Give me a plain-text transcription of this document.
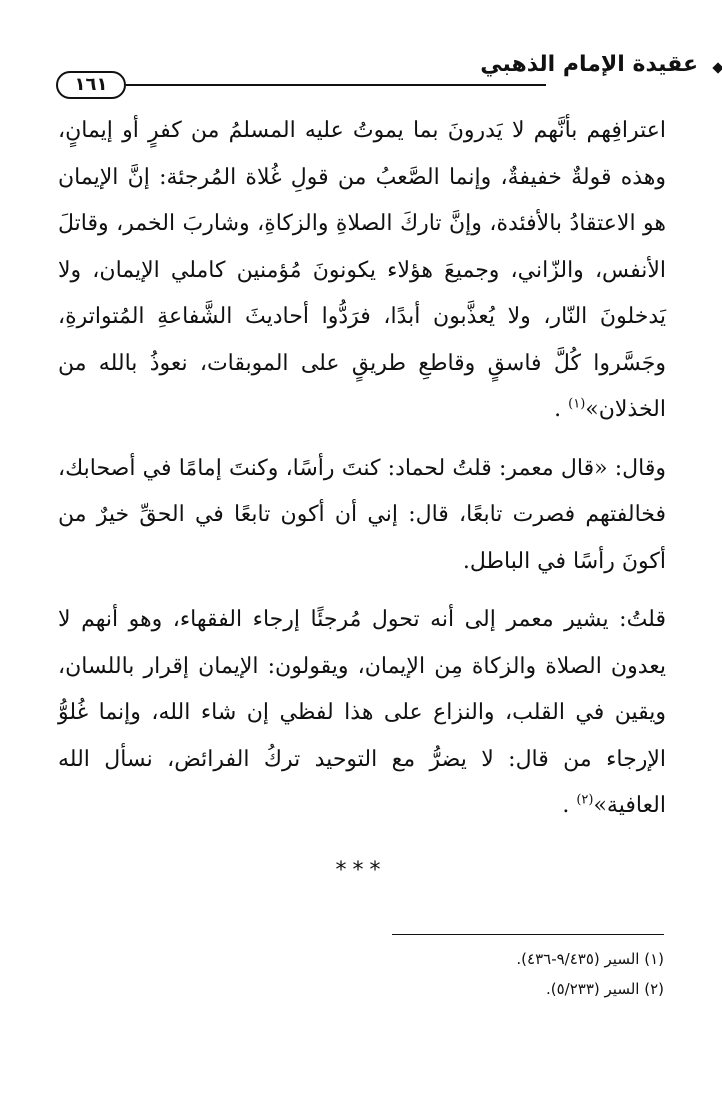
عقيدة الإمام الذهبي
١٦١

اعترافِهم بأنَّهم لا يَدرونَ بما يموتُ عليه المسلمُ من كفرٍ أو إيمانٍ، وهذه قولةٌ خفيفةٌ، وإنما الصَّعبُ من قولِ غُلاة المُرجئة: إنَّ الإيمان هو الاعتقادُ بالأفئدة، وإنَّ تاركَ الصلاةِ والزكاةِ، وشاربَ الخمر، وقاتلَ الأنفس، والزّاني، وجميعَ هؤلاء يكونونَ مُؤمنين كاملي الإيمان، ولا يَدخلونَ النّار، ولا يُعذَّبون أبدًا، فرَدُّوا أحاديثَ الشَّفاعةِ المُتواترةِ، وجَسَّروا كُلَّ فاسقٍ وقاطعِ طريقٍ على الموبقات، نعوذُ بالله من الخذلان»$^{(١)}$ .

وقال: «قال معمر: قلتُ لحماد: كنتَ رأسًا، وكنتَ إمامًا في أصحابك، فخالفتهم فصرت تابعًا، قال: إني أن أكون تابعًا في الحقِّ خيرٌ من أكونَ رأسًا في الباطل.

قلتُ: يشير معمر إلى أنه تحول مُرجئًا إرجاء الفقهاء، وهو أنهم لا يعدون الصلاة والزكاة مِن الإيمان، ويقولون: الإيمان إقرار باللسان، ويقين في القلب، والنزاع على هذا لفظي إن شاء الله، وإنما غُلوُّ الإرجاء من قال: لا يضرُّ مع التوحيد تركُ الفرائض، نسأل الله العافية»$^{(٢)}$ .

***
(١) السير (٩/٤٣٥-٤٣٦).
(٢) السير (٥/٢٣٣).
